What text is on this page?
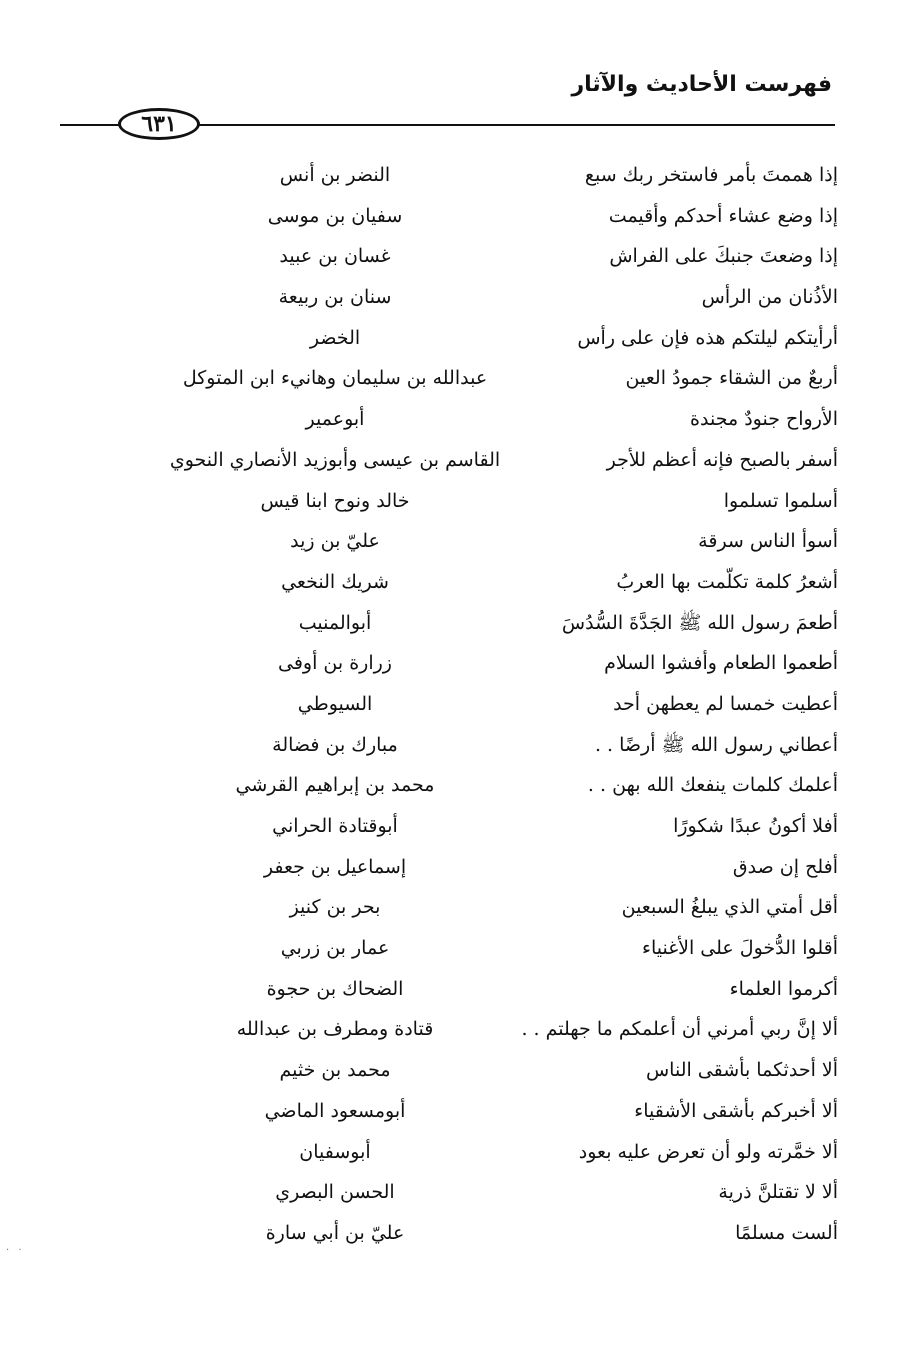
فهرست الأحاديث والآثار
٦٣١
إذا هممتَ بأمر فاستخر ربك سبع
النضر بن أنس
إذا وضع عشاء أحدكم وأقيمت
سفيان بن موسى
إذا وضعتَ جنبكَ على الفراش
غسان بن عبيد
الأذُنان من الرأس
سنان بن ربيعة
أرأيتكم ليلتكم هذه فإن على رأس
الخضر
أربعٌ من الشقاء جمودُ العين
عبدالله بن سليمان وهانيء ابن المتوكل
الأرواح جنودٌ مجندة
أبوعمير
أسفر بالصبح فإنه أعظم للأجر
القاسم بن عيسى وأبوزيد الأنصاري النحوي
أسلموا تسلموا
خالد ونوح ابنا قيس
أسوأ الناس سرقة
عليّ بن زيد
أشعرُ كلمة تكلّمت بها العربُ
شريك النخعي
أطعمَ رسول الله ﷺ الجَدَّةَ السُّدُسَ
أبوالمنيب
أطعموا الطعام وأفشوا السلام
زرارة بن أوفى
أعطيت خمسا لم يعطهن أحد
السيوطي
أعطاني رسول الله ﷺ أرضًا . .
مبارك بن فضالة
أعلمك كلمات ينفعك الله بهن . .
محمد بن إبراهيم القرشي
أفلا أكونُ عبدًا شكورًا
أبوقتادة الحراني
أفلح إن صدق
إسماعيل بن جعفر
أقل أمتي الذي يبلغُ السبعين
بحر بن كنيز
أقلوا الدُّخولَ على الأغنياء
عمار بن زربي
أكرموا العلماء
الضحاك بن حجوة
ألا إنَّ ربي أمرني أن أعلمكم ما جهلتم . .
قتادة ومطرف بن عبدالله
ألا أحدثكما بأشقى الناس
محمد بن خثيم
ألا أخبركم بأشقى الأشقياء
أبومسعود الماضي
ألا خمَّرته ولو أن تعرض عليه بعود
أبوسفيان
ألا لا تقتلنَّ ذرية
الحسن البصري
ألست مسلمًا
عليّ بن أبي سارة
· ·
